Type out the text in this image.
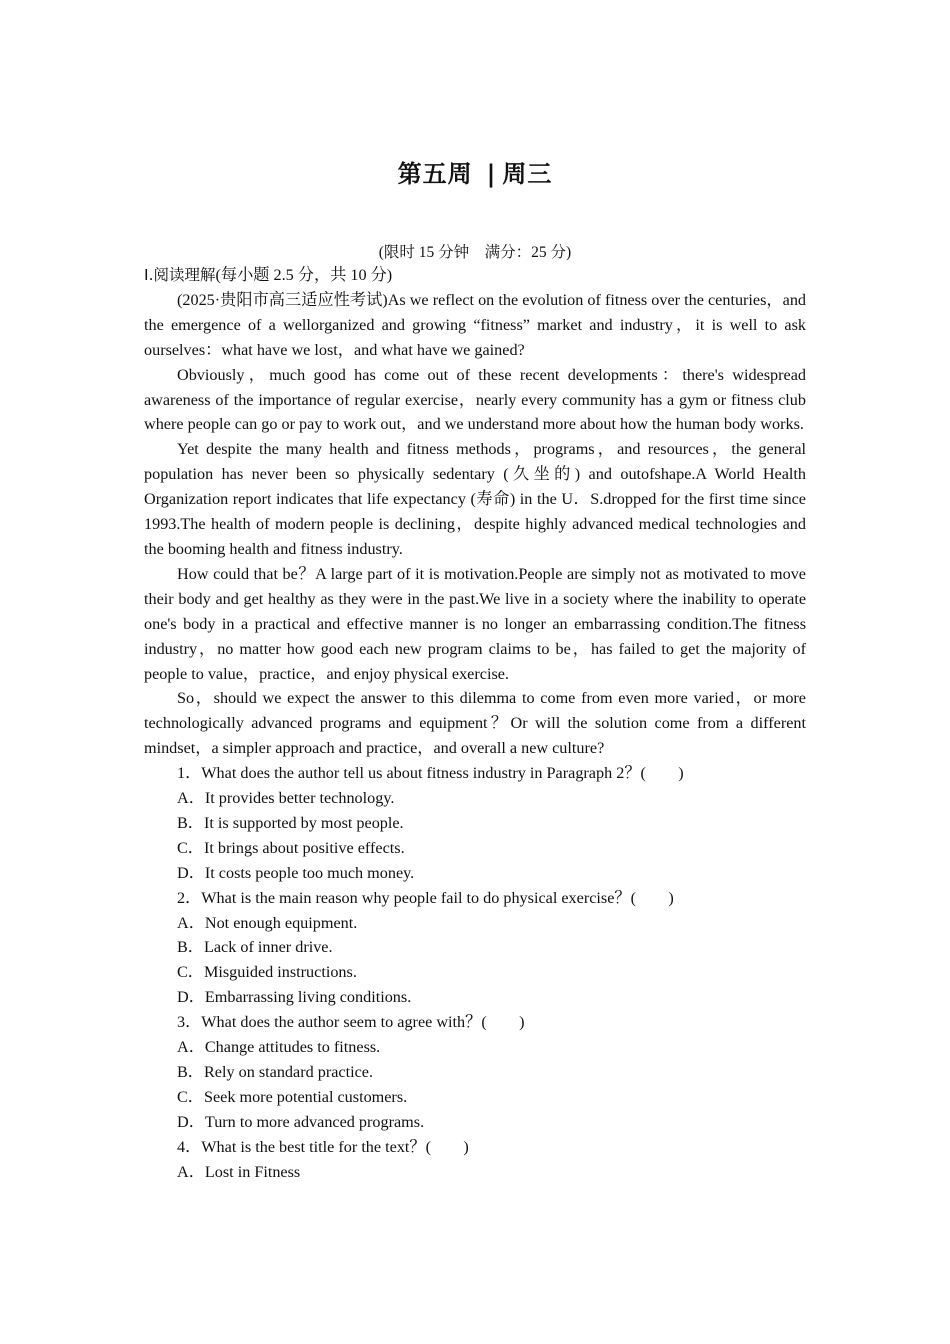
第五周 | 周三
(限时 15 分钟　满分：25 分)
Ⅰ.阅读理解(每小题 2.5 分，共 10 分)

(2025·贵阳市高三适应性考试)As we reflect on the evolution of fitness over the centuries，and the emergence of a wellorganized and growing “fitness” market and industry，it is well to ask ourselves：what have we lost，and what have we gained?

Obviously，much good has come out of these recent developments：there's widespread awareness of the importance of regular exercise，nearly every community has a gym or fitness club where people can go or pay to work out，and we understand more about how the human body works.

Yet despite the many health and fitness methods，programs，and resources，the general population has never been so physically sedentary (久坐的) and outofshape.A World Health Organization report indicates that life expectancy (寿命) in the U．S.dropped for the first time since 1993.The health of modern people is declining，despite highly advanced medical technologies and the booming health and fitness industry.

How could that be？A large part of it is motivation.People are simply not as motivated to move their body and get healthy as they were in the past.We live in a society where the inability to operate one's body in a practical and effective manner is no longer an embarrassing condition.The fitness industry，no matter how good each new program claims to be，has failed to get the majority of people to value，practice，and enjoy physical exercise.

So，should we expect the answer to this dilemma to come from even more varied，or more technologically advanced programs and equipment？Or will the solution come from a different mindset，a simpler approach and practice，and overall a new culture?

1．What does the author tell us about fitness industry in Paragraph 2？(　　)
A．It provides better technology.
B．It is supported by most people.
C．It brings about positive effects.
D．It costs people too much money.
2．What is the main reason why people fail to do physical exercise？(　　)
A．Not enough equipment.
B．Lack of inner drive.
C．Misguided instructions.
D．Embarrassing living conditions.
3．What does the author seem to agree with？(　　)
A．Change attitudes to fitness.
B．Rely on standard practice.
C．Seek more potential customers.
D．Turn to more advanced programs.
4．What is the best title for the text？(　　)
A．Lost in Fitness
